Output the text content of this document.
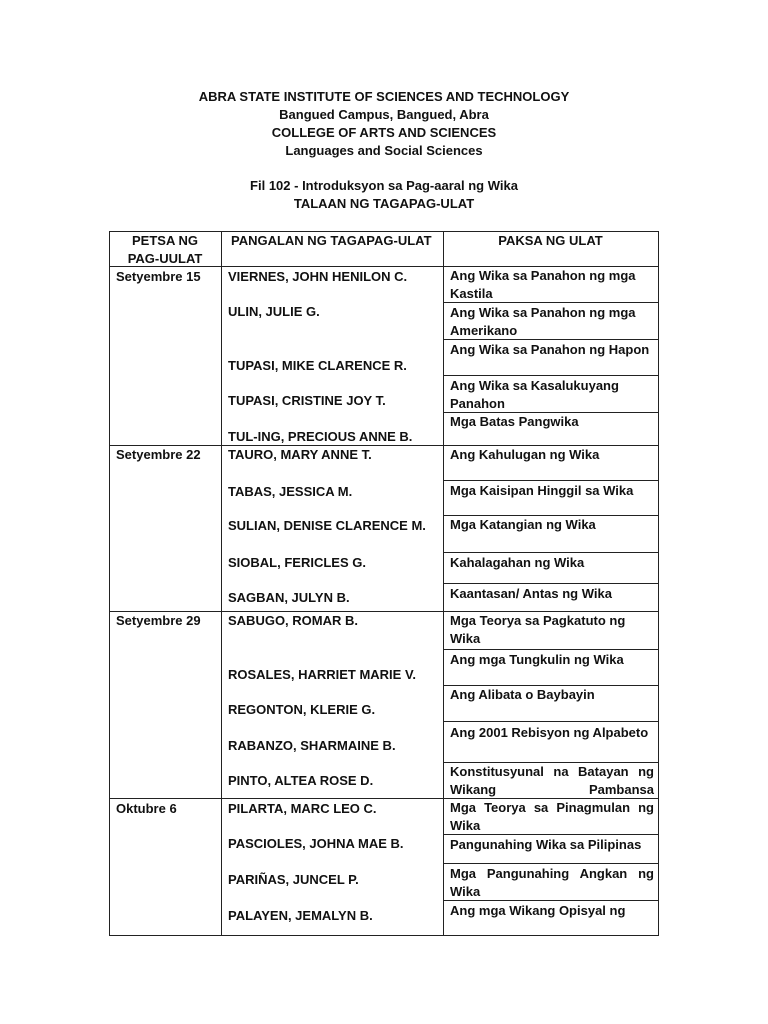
ABRA STATE INSTITUTE OF SCIENCES AND TECHNOLOGY
Bangued Campus, Bangued, Abra
COLLEGE OF ARTS AND SCIENCES
Languages and Social Sciences
Fil 102 - Introduksyon sa Pag-aaral ng Wika
TALAAN NG TAGAPAG-ULAT
PETSA NG
PAG-UULAT
PANGALAN NG TAGAPAG-ULAT	PAKSA NG ULAT
Setyembre 15
Setyembre 22
Setyembre 29
Oktubre 6
VIERNES, JOHN HENILON C.
ULIN, JULIE G.
TUPASI, MIKE CLARENCE R.
TUPASI, CRISTINE JOY T.
TUL-ING, PRECIOUS ANNE B.
TAURO, MARY ANNE T.
TABAS, JESSICA M.
SULIAN, DENISE CLARENCE M.
SIOBAL, FERICLES G.
SAGBAN, JULYN B.
SABUGO, ROMAR B.
ROSALES, HARRIET MARIE V.
REGONTON, KLERIE G.
RABANZO, SHARMAINE B.
PINTO, ALTEA ROSE D.
PILARTA, MARC LEO C.
PASCIOLES, JOHNA MAE B.
PARIÑAS, JUNCEL P.
PALAYEN, JEMALYN B.
Ang Wika sa Panahon ng mga Kastila
Ang Wika sa Panahon ng mga Amerikano
Ang Wika sa Panahon ng Hapon
Ang Wika sa Kasalukuyang Panahon
Mga Batas Pangwika
Ang Kahulugan ng Wika
Mga Kaisipan Hinggil sa Wika
Mga Katangian ng Wika
Kahalagahan ng Wika
Kaantasan/ Antas ng Wika
Mga Teorya sa Pagkatuto ng Wika
Ang mga Tungkulin ng Wika
Ang Alibata o Baybayin
Ang 2001 Rebisyon ng Alpabeto
Konstitusyunal na Batayan ng Wikang Pambansa
Mga Teorya sa Pinagmulan ng Wika
Pangunahing Wika sa Pilipinas
Mga Pangunahing Angkan ng Wika
Ang mga Wikang Opisyal ng
